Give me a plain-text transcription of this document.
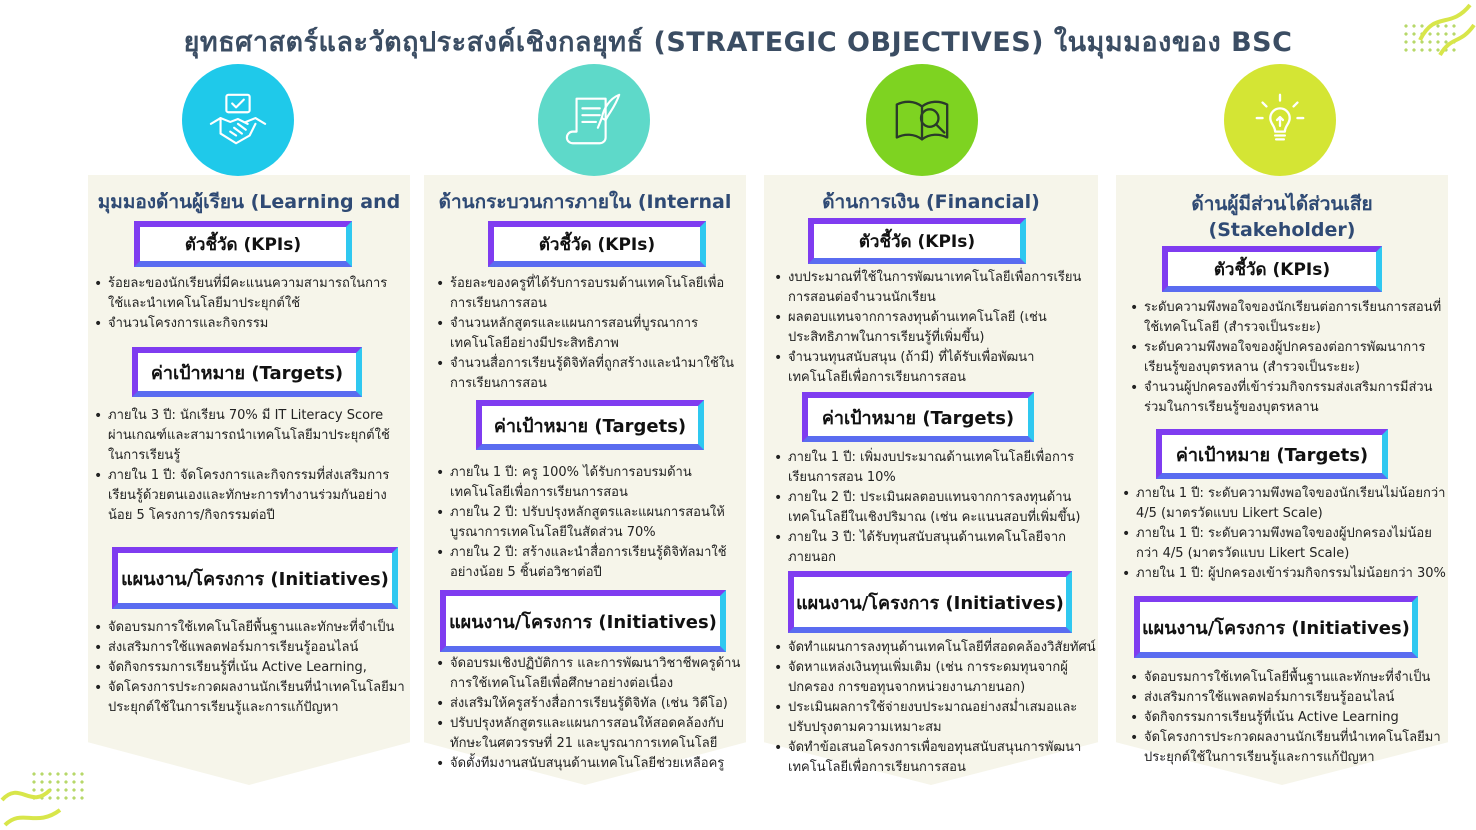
ยุทธศาสตร์และวัตถุประสงค์เชิงกลยุทธ์ (STRATEGIC OBJECTIVES) ในมุมมองของ BSC
มุมมองด้านผู้เรียน (Learning and
ตัวชี้วัด (KPIs)
• ร้อยละของนักเรียนที่มีคะแนนความสามารถในการใช้และนำเทคโนโลยีมาประยุกต์ใช้
• จำนวนโครงการและกิจกรรม
ค่าเป้าหมาย (Targets)
• ภายใน 3 ปี: นักเรียน 70% มี IT Literacy Score ผ่านเกณฑ์และสามารถนำเทคโนโลยีมาประยุกต์ใช้ในการเรียนรู้
• ภายใน 1 ปี: จัดโครงการและกิจกรรมที่ส่งเสริมการเรียนรู้ด้วยตนเองและทักษะการทำงานร่วมกันอย่างน้อย 5 โครงการ/กิจกรรมต่อปี
แผนงาน/โครงการ (Initiatives)
• จัดอบรมการใช้เทคโนโลยีพื้นฐานและทักษะที่จำเป็น
• ส่งเสริมการใช้แพลตฟอร์มการเรียนรู้ออนไลน์
• จัดกิจกรรมการเรียนรู้ที่เน้น Active Learning,
• จัดโครงการประกวดผลงานนักเรียนที่นำเทคโนโลยีมาประยุกต์ใช้ในการเรียนรู้และการแก้ปัญหา
ด้านกระบวนการภายใน (Internal
ตัวชี้วัด (KPIs)
• ร้อยละของครูที่ได้รับการอบรมด้านเทคโนโลยีเพื่อการเรียนการสอน
• จำนวนหลักสูตรและแผนการสอนที่บูรณาการเทคโนโลยีอย่างมีประสิทธิภาพ
• จำนวนสื่อการเรียนรู้ดิจิทัลที่ถูกสร้างและนำมาใช้ในการเรียนการสอน
ค่าเป้าหมาย (Targets)
• ภายใน 1 ปี: ครู 100% ได้รับการอบรมด้านเทคโนโลยีเพื่อการเรียนการสอน
• ภายใน 2 ปี: ปรับปรุงหลักสูตรและแผนการสอนให้บูรณาการเทคโนโลยีในสัดส่วน 70%
• ภายใน 2 ปี: สร้างและนำสื่อการเรียนรู้ดิจิทัลมาใช้อย่างน้อย 5 ชิ้นต่อวิชาต่อปี
แผนงาน/โครงการ (Initiatives)
• จัดอบรมเชิงปฏิบัติการ และการพัฒนาวิชาชีพครูด้านการใช้เทคโนโลยีเพื่อศึกษาอย่างต่อเนื่อง
• ส่งเสริมให้ครูสร้างสื่อการเรียนรู้ดิจิทัล (เช่น วิดีโอ)
• ปรับปรุงหลักสูตรและแผนการสอนให้สอดคล้องกับทักษะในศตวรรษที่ 21 และบูรณาการเทคโนโลยี
• จัดตั้งทีมงานสนับสนุนด้านเทคโนโลยีช่วยเหลือครู
ด้านการเงิน (Financial)
ตัวชี้วัด (KPIs)
• งบประมาณที่ใช้ในการพัฒนาเทคโนโลยีเพื่อการเรียนการสอนต่อจำนวนนักเรียน
• ผลตอบแทนจากการลงทุนด้านเทคโนโลยี (เช่น ประสิทธิภาพในการเรียนรู้ที่เพิ่มขึ้น)
• จำนวนทุนสนับสนุน (ถ้ามี) ที่ได้รับเพื่อพัฒนาเทคโนโลยีเพื่อการเรียนการสอน
ค่าเป้าหมาย (Targets)
• ภายใน 1 ปี: เพิ่มงบประมาณด้านเทคโนโลยีเพื่อการเรียนการสอน 10%
• ภายใน 2 ปี: ประเมินผลตอบแทนจากการลงทุนด้านเทคโนโลยีในเชิงปริมาณ (เช่น คะแนนสอบที่เพิ่มขึ้น)
• ภายใน 3 ปี: ได้รับทุนสนับสนุนด้านเทคโนโลยีจากภายนอก
แผนงาน/โครงการ (Initiatives)
• จัดทำแผนการลงทุนด้านเทคโนโลยีที่สอดคล้องวิสัยทัศน์
• จัดหาแหล่งเงินทุนเพิ่มเติม (เช่น การระดมทุนจากผู้ปกครอง การขอทุนจากหน่วยงานภายนอก)
• ประเมินผลการใช้จ่ายงบประมาณอย่างสม่ำเสมอและปรับปรุงตามความเหมาะสม
• จัดทำข้อเสนอโครงการเพื่อขอทุนสนับสนุนการพัฒนาเทคโนโลยีเพื่อการเรียนการสอน
ด้านผู้มีส่วนได้ส่วนเสีย
(Stakeholder)
ตัวชี้วัด (KPIs)
• ระดับความพึงพอใจของนักเรียนต่อการเรียนการสอนที่ใช้เทคโนโลยี (สำรวจเป็นระยะ)
• ระดับความพึงพอใจของผู้ปกครองต่อการพัฒนาการเรียนรู้ของบุตรหลาน (สำรวจเป็นระยะ)
• จำนวนผู้ปกครองที่เข้าร่วมกิจกรรมส่งเสริมการมีส่วนร่วมในการเรียนรู้ของบุตรหลาน
ค่าเป้าหมาย (Targets)
• ภายใน 1 ปี: ระดับความพึงพอใจของนักเรียนไม่น้อยกว่า 4/5 (มาตรวัดแบบ Likert Scale)
• ภายใน 1 ปี: ระดับความพึงพอใจของผู้ปกครองไม่น้อยกว่า 4/5 (มาตรวัดแบบ Likert Scale)
• ภายใน 1 ปี: ผู้ปกครองเข้าร่วมกิจกรรมไม่น้อยกว่า 30%
แผนงาน/โครงการ (Initiatives)
• จัดอบรมการใช้เทคโนโลยีพื้นฐานและทักษะที่จำเป็น
• ส่งเสริมการใช้แพลตฟอร์มการเรียนรู้ออนไลน์
• จัดกิจกรรมการเรียนรู้ที่เน้น Active Learning
• จัดโครงการประกวดผลงานนักเรียนที่นำเทคโนโลยีมาประยุกต์ใช้ในการเรียนรู้และการแก้ปัญหา
